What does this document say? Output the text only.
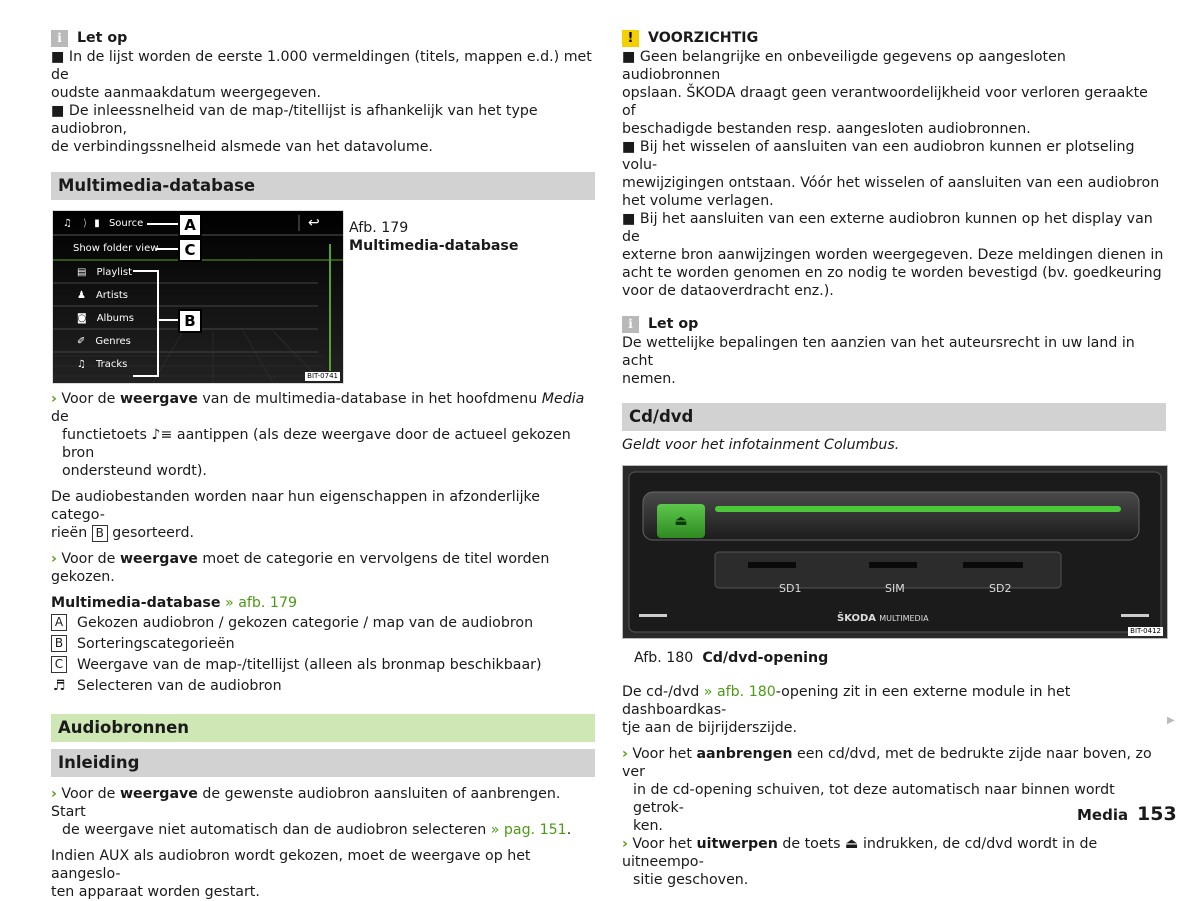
i	Let op

■ In de lijst worden de eerste 1.000 vermeldingen (titels, mappen e.d.) met de

oudste aanmaakdatum weergegeven.

■ De inleessnelheid van de map-/titellijst is afhankelijk van het type audiobron,

de verbindingssnelheid alsmede van het datavolume.

Multimedia-database
♫ ⟩ ▮ Source	↩
Show folder view
▤ Playlist
♟ Artists
◙ Albums
✐ Genres
♫ Tracks
A
C
B
BIT-0741

Afb. 179

Multimedia-database

› Voor de weergave van de multimedia-database in het hoofdmenu Media de

functietoets ♪≡ aantippen (als deze weergave door de actueel gekozen bron

ondersteund wordt).

De audiobestanden worden naar hun eigenschappen in afzonderlijke catego-

rieën B gesorteerd.

› Voor de weergave moet de categorie en vervolgens de titel worden gekozen.

Multimedia-database » afb. 179

A Gekozen audiobron / gekozen categorie / map van de audiobron
B Sorteringscategorieën
C Weergave van de map-/titellijst (alleen als bronmap beschikbaar)
♬ Selecteren van de audiobron
Audiobronnen
Inleiding

› Voor de weergave de gewenste audiobron aansluiten of aanbrengen. Start

de weergave niet automatisch dan de audiobron selecteren » pag. 151.

Indien AUX als audiobron wordt gekozen, moet de weergave op het aangeslo-

ten apparaat worden gestart.

!	VOORZICHTIG

■ Geen belangrijke en onbeveiligde gegevens op aangesloten audiobronnen

opslaan. ŠKODA draagt geen verantwoordelijkheid voor verloren geraakte of

beschadigde bestanden resp. aangesloten audiobronnen.

■ Bij het wisselen of aansluiten van een audiobron kunnen er plotseling volu-

mewijzigingen ontstaan. Vóór het wisselen of aansluiten van een audiobron

het volume verlagen.

■ Bij het aansluiten van een externe audiobron kunnen op het display van de

externe bron aanwijzingen worden weergegeven. Deze meldingen dienen in

acht te worden genomen en zo nodig te worden bevestigd (bv. goedkeuring

voor de dataoverdracht enz.).

i	Let op

De wettelijke bepalingen ten aanzien van het auteursrecht in uw land in acht

nemen.

Cd/dvd

Geldt voor het infotainment Columbus.

⏏
SD1	SIM	SD2
ŠKODA MULTIMEDIA
BIT-0412

Afb. 180 Cd/dvd-opening

De cd-/dvd » afb. 180-opening zit in een externe module in het dashboardkas-

tje aan de bijrijderszijde.

› Voor het aanbrengen een cd/dvd, met de bedrukte zijde naar boven, zo ver

in de cd-opening schuiven, tot deze automatisch naar binnen wordt getrok-

ken.

› Voor het uitwerpen de toets ⏏ indrukken, de cd/dvd wordt in de uitneempo-

sitie geschoven.

▶
Media 153
